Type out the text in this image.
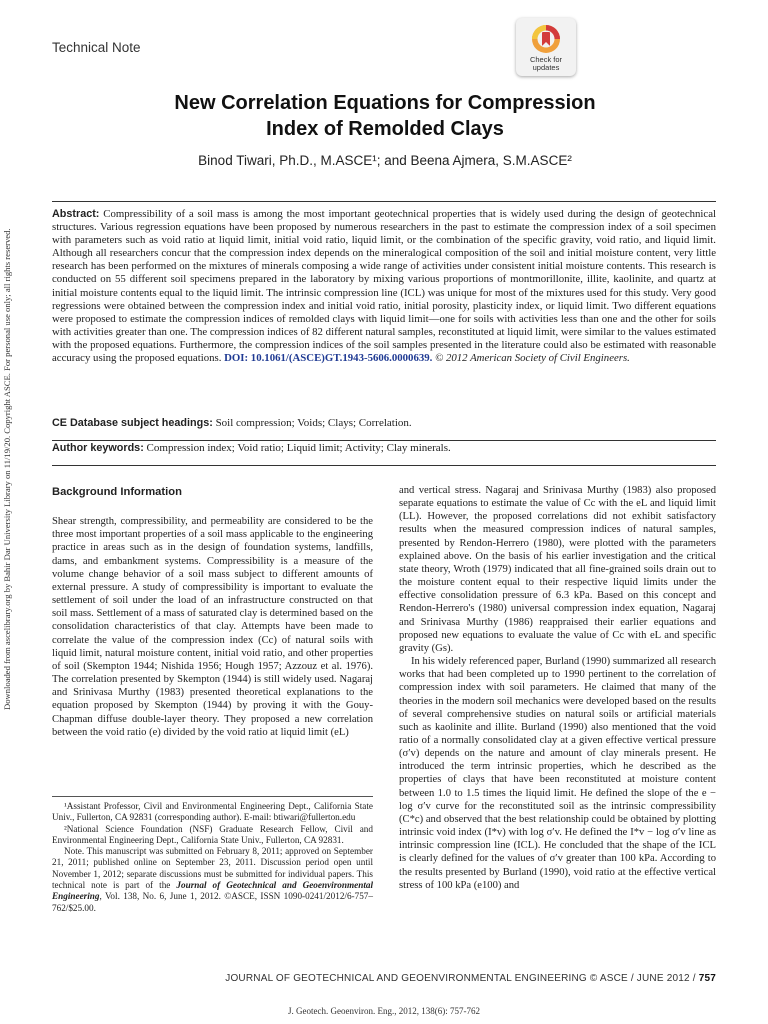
Downloaded from ascelibrary.org by Bahir Dar University Library on 11/19/20. Copyright ASCE. For personal use only; all rights reserved.
Technical Note
Check for
updates
New Correlation Equations for Compression
Index of Remolded Clays
Binod Tiwari, Ph.D., M.ASCE¹; and Beena Ajmera, S.M.ASCE²
Abstract: Compressibility of a soil mass is among the most important geotechnical properties that is widely used during the design of geotechnical structures. Various regression equations have been proposed by numerous researchers in the past to estimate the compression index of a soil specimen with parameters such as void ratio at liquid limit, initial void ratio, liquid limit, or the combination of the specific gravity, void ratio, and liquid limit. Although all researchers concur that the compression index depends on the mineralogical composition of the soil and initial moisture content, very little research has been performed on the mixtures of minerals composing a wide range of activities under consistent initial moisture contents. This research is conducted on 55 different soil specimens prepared in the laboratory by mixing various proportions of montmorillonite, illite, kaolinite, and quartz at initial moisture contents equal to the liquid limit. The intrinsic compression line (ICL) was unique for most of the mixtures used for this study. Very good regressions were obtained between the compression index and initial void ratio, initial porosity, plasticity index, or liquid limit. Two different equations were proposed to estimate the compression indices of remolded clays with liquid limit—one for soils with activities less than one and the other for soils with activities greater than one. The compression indices of 82 different natural samples, reconstituted at liquid limit, were similar to the values estimated with the proposed equations. Furthermore, the compression indices of the soil samples presented in the literature could also be estimated with reasonable accuracy using the proposed equations. DOI: 10.1061/(ASCE)GT.1943-5606.0000639. © 2012 American Society of Civil Engineers.
CE Database subject headings: Soil compression; Voids; Clays; Correlation.
Author keywords: Compression index; Void ratio; Liquid limit; Activity; Clay minerals.
Background Information

Shear strength, compressibility, and permeability are considered to be the three most important properties of a soil mass applicable to the engineering practice in areas such as in the design of foundation systems, landfills, dams, and embankment systems. Compressibility is a measure of the volume change behavior of a soil mass subject to different amounts of external pressure. A study of compressibility is important to evaluate the settlement of soil under the load of an infrastructure constructed on that soil mass. Settlement of a mass of saturated clay is determined based on the consolidation characteristics of that clay. Attempts have been made to correlate the value of the compression index (Cc) of natural soils with liquid limit, natural moisture content, initial void ratio, and other properties of soil (Skempton 1944; Nishida 1956; Hough 1957; Azzouz et al. 1976). The correlation presented by Skempton (1944) is still widely used. Nagaraj and Srinivasa Murthy (1983) presented theoretical explanations to the equation proposed by Skempton (1944) by proving it with the Gouy-Chapman diffuse double-layer theory. They proposed a new correlation between the void ratio (e) divided by the void ratio at liquid limit (eL)

¹Assistant Professor, Civil and Environmental Engineering Dept., California State Univ., Fullerton, CA 92831 (corresponding author). E-mail: btiwari@fullerton.edu

²National Science Foundation (NSF) Graduate Research Fellow, Civil and Environmental Engineering Dept., California State Univ., Fullerton, CA 92831.

Note. This manuscript was submitted on February 8, 2011; approved on September 21, 2011; published online on September 23, 2011. Discussion period open until November 1, 2012; separate discussions must be submitted for individual papers. This technical note is part of the Journal of Geotechnical and Geoenvironmental Engineering, Vol. 138, No. 6, June 1, 2012. ©ASCE, ISSN 1090-0241/2012/6-757–762/$25.00.

and vertical stress. Nagaraj and Srinivasa Murthy (1983) also proposed separate equations to estimate the value of Cc with the eL and liquid limit (LL). However, the proposed correlations did not exhibit satisfactory results when the measured compression indices of natural samples, presented by Rendon-Herrero (1980), were plotted with the parameters explained above. On the basis of his earlier investigation and the critical state theory, Wroth (1979) indicated that all fine-grained soils drain out to the moisture content equal to their respective liquid limits under the effective consolidation pressure of 6.3 kPa. Based on this concept and Rendon-Herrero's (1980) universal compression index equation, Nagaraj and Srinivasa Murthy (1986) reappraised their earlier equations and proposed new equations to evaluate the value of Cc with eL and specific gravity (Gs).

In his widely referenced paper, Burland (1990) summarized all research works that had been completed up to 1990 pertinent to the correlation of compression index with soil parameters. He claimed that many of the theories in the modern soil mechanics were developed based on the results of several comprehensive studies on natural soils or artificial materials such as kaolinite and illite. Burland (1990) also mentioned that the void ratio of a normally consolidated clay at a given effective vertical pressure (σ′v) depends on the nature and amount of clay minerals present. He introduced the term intrinsic properties, which he described as the properties of clays that have been reconstituted at moisture content between 1.0 to 1.5 times the liquid limit. He defined the slope of the e − log σ′v curve for the reconstituted soil as the intrinsic compressibility (C*c) and observed that the best relationship could be obtained by plotting intrinsic void index (I*v) with log σ′v. He defined the I*v − log σ′v line as intrinsic compression line (ICL). He concluded that the shape of the ICL is clearly defined for the values of σ′v greater than 100 kPa. According to the results presented by Burland (1990), void ratio at the effective vertical stress of 100 kPa (e100) and

JOURNAL OF GEOTECHNICAL AND GEOENVIRONMENTAL ENGINEERING © ASCE / JUNE 2012 / 757
J. Geotech. Geoenviron. Eng., 2012, 138(6): 757-762
